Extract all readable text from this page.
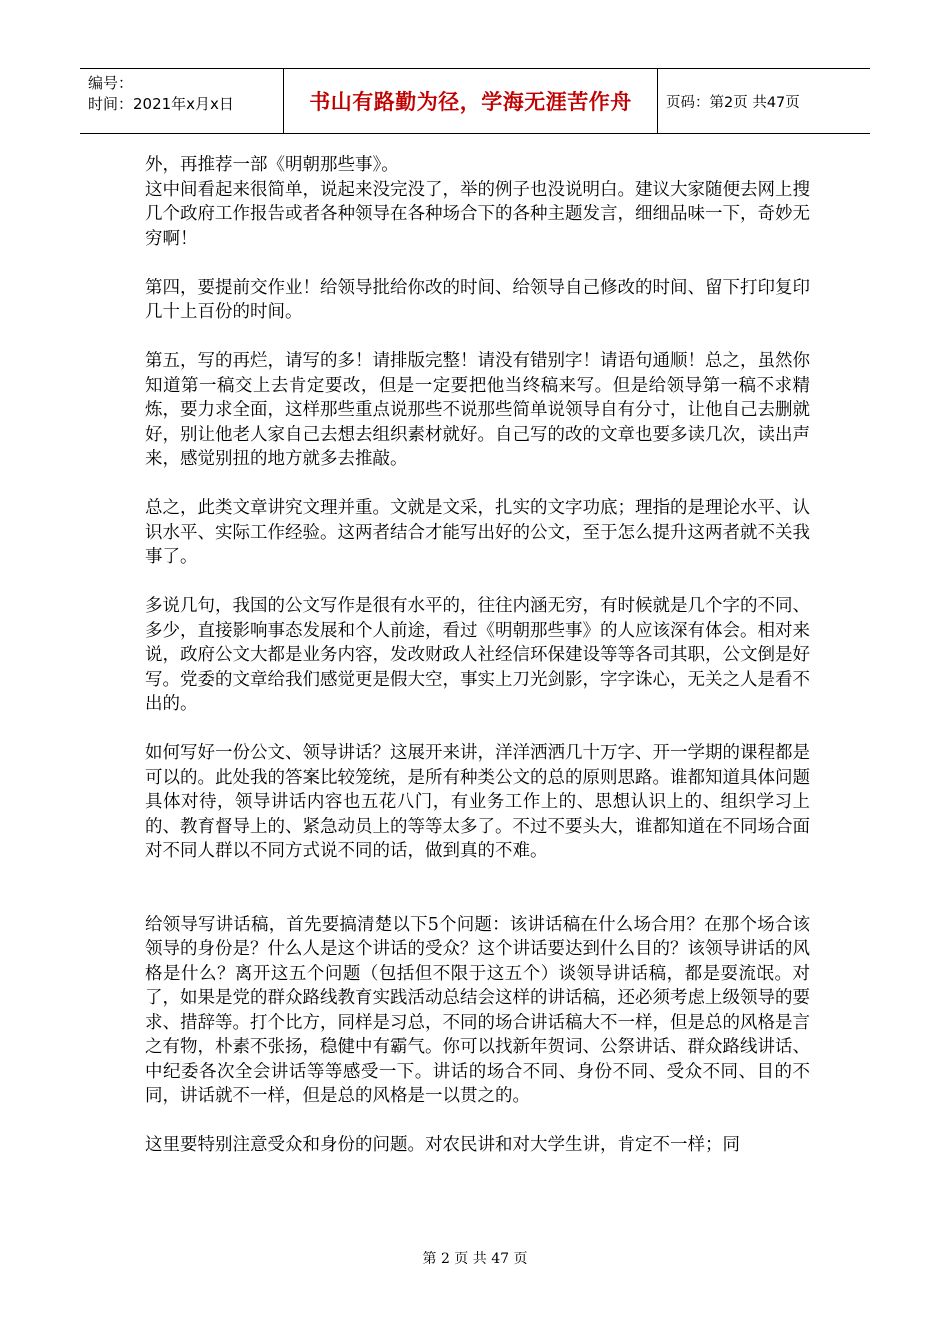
编号：
时间：2021年x月x日	书山有路勤为径，学海无涯苦作舟 页码：第2页 共47页

外，再推荐一部《明朝那些事》。

这中间看起来很简单，说起来没完没了，举的例子也没说明白。建议大家随便去网上搜几个政府工作报告或者各种领导在各种场合下的各种主题发言，细细品味一下，奇妙无穷啊！

第四，要提前交作业！给领导批给你改的时间、给领导自己修改的时间、留下打印复印几十上百份的时间。

第五，写的再烂，请写的多！请排版完整！请没有错别字！请语句通顺！总之，虽然你知道第一稿交上去肯定要改，但是一定要把他当终稿来写。但是给领导第一稿不求精炼，要力求全面，这样那些重点说那些不说那些简单说领导自有分寸，让他自己去删就好，别让他老人家自己去想去组织素材就好。自己写的改的文章也要多读几次，读出声来，感觉别扭的地方就多去推敲。

总之，此类文章讲究文理并重。文就是文采，扎实的文字功底；理指的是理论水平、认识水平、实际工作经验。这两者结合才能写出好的公文，至于怎么提升这两者就不关我事了。

多说几句，我国的公文写作是很有水平的，往往内涵无穷，有时候就是几个字的不同、多少，直接影响事态发展和个人前途，看过《明朝那些事》的人应该深有体会。相对来说，政府公文大都是业务内容，发改财政人社经信环保建设等等各司其职，公文倒是好写。党委的文章给我们感觉更是假大空，事实上刀光剑影，字字诛心，无关之人是看不出的。

如何写好一份公文、领导讲话？这展开来讲，洋洋洒洒几十万字、开一学期的课程都是可以的。此处我的答案比较笼统，是所有种类公文的总的原则思路。谁都知道具体问题具体对待，领导讲话内容也五花八门，有业务工作上的、思想认识上的、组织学习上的、教育督导上的、紧急动员上的等等太多了。不过不要头大，谁都知道在不同场合面对不同人群以不同方式说不同的话，做到真的不难。

给领导写讲话稿，首先要搞清楚以下5个问题：该讲话稿在什么场合用？在那个场合该领导的身份是？什么人是这个讲话的受众？这个讲话要达到什么目的？该领导讲话的风格是什么？离开这五个问题（包括但不限于这五个）谈领导讲话稿，都是耍流氓。对了，如果是党的群众路线教育实践活动总结会这样的讲话稿，还必须考虑上级领导的要求、措辞等。打个比方，同样是习总，不同的场合讲话稿大不一样，但是总的风格是言之有物，朴素不张扬，稳健中有霸气。你可以找新年贺词、公祭讲话、群众路线讲话、中纪委各次全会讲话等等感受一下。讲话的场合不同、身份不同、受众不同、目的不同，讲话就不一样，但是总的风格是一以贯之的。

这里要特别注意受众和身份的问题。对农民讲和对大学生讲，肯定不一样；同

第 2 页 共 47 页
